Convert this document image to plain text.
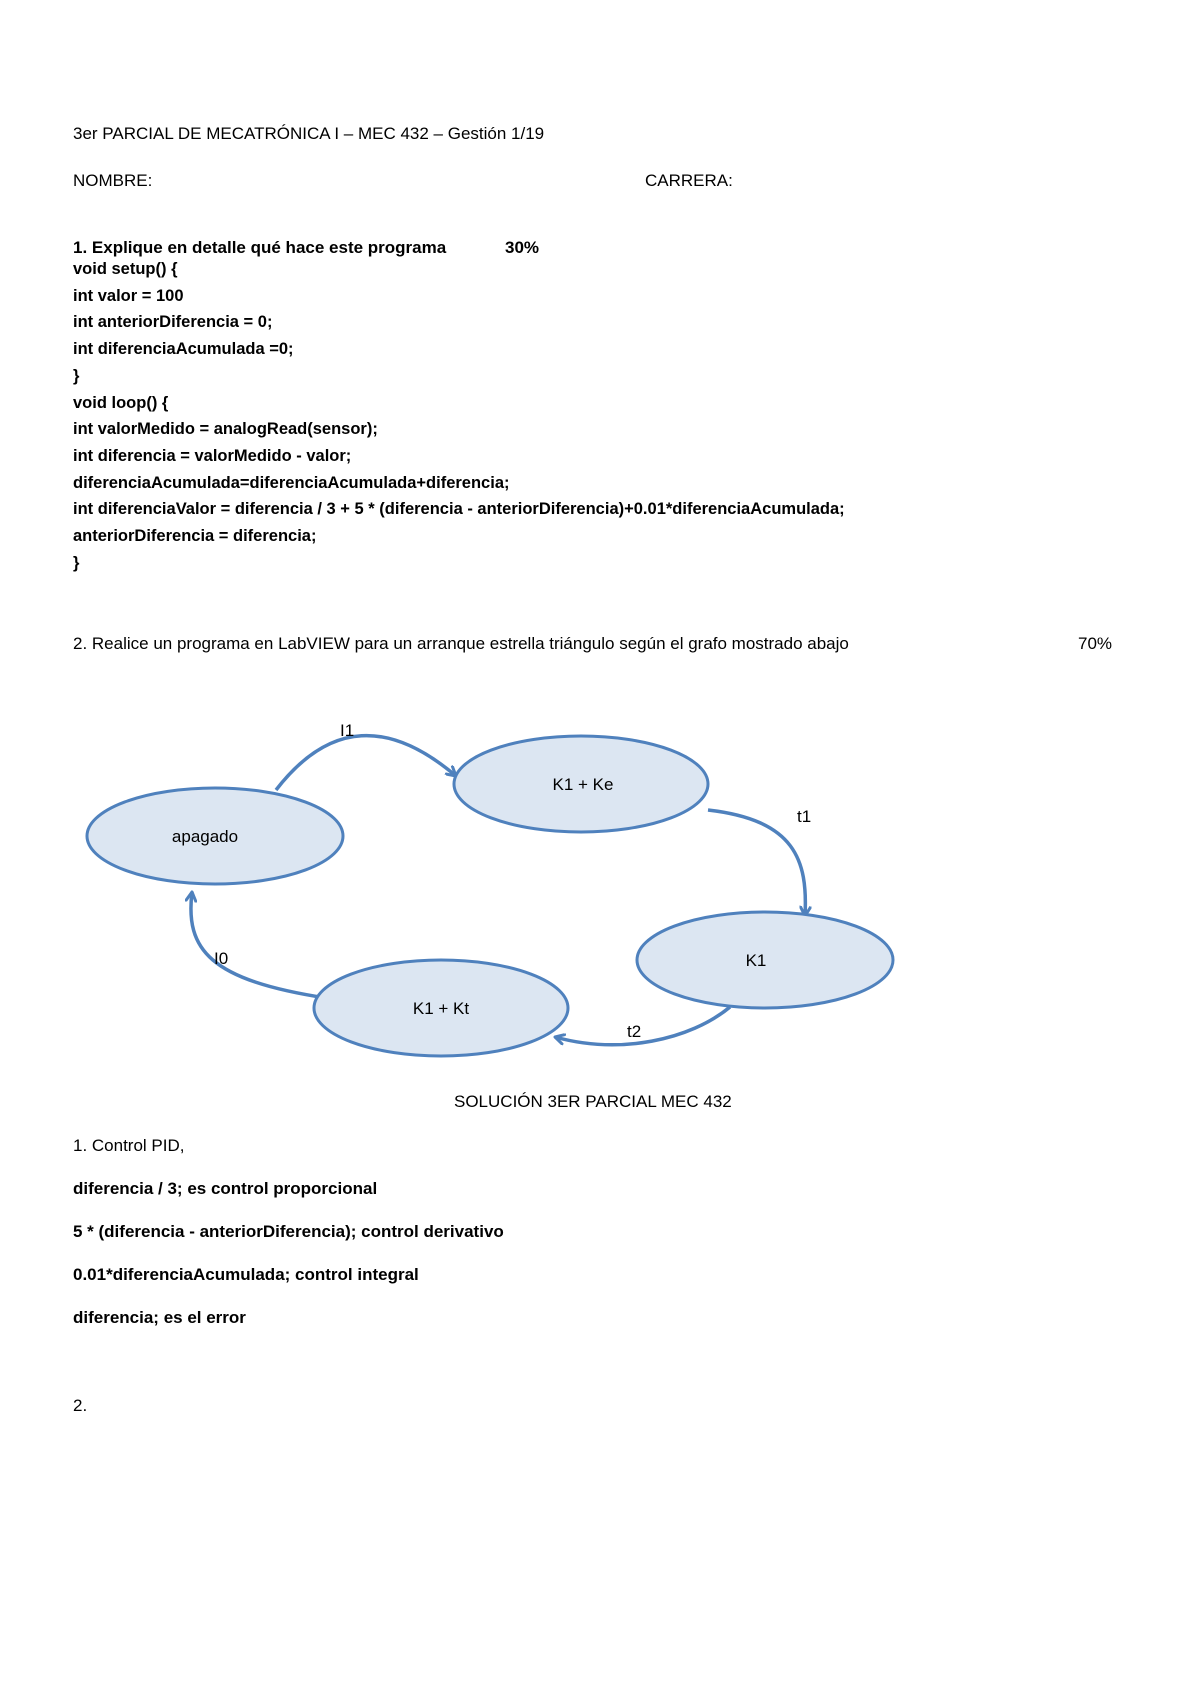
3er PARCIAL DE MECATRÓNICA I – MEC 432 – Gestión 1/19
NOMBRE:	CARRERA:
1. Explique en detalle qué hace este programa	30%
void setup() {
int valor = 100
int anteriorDiferencia = 0;
int diferenciaAcumulada =0;
}
void loop() {
int valorMedido = analogRead(sensor);
int diferencia = valorMedido - valor;
diferenciaAcumulada=diferenciaAcumulada+diferencia;
int diferenciaValor = diferencia / 3 + 5 * (diferencia - anteriorDiferencia)+0.01*diferenciaAcumulada;
anteriorDiferencia = diferencia;
}
2. Realice un programa en LabVIEW para un arranque estrella triángulo según el grafo mostrado abajo	70%
apagado
K1 + Ke
K1
K1 + Kt
I1
t1
t2
I0
SOLUCIÓN 3ER PARCIAL MEC 432
1. Control PID,
diferencia / 3; es control proporcional
5 * (diferencia - anteriorDiferencia); control derivativo
0.01*diferenciaAcumulada; control integral
diferencia; es el error
2.
